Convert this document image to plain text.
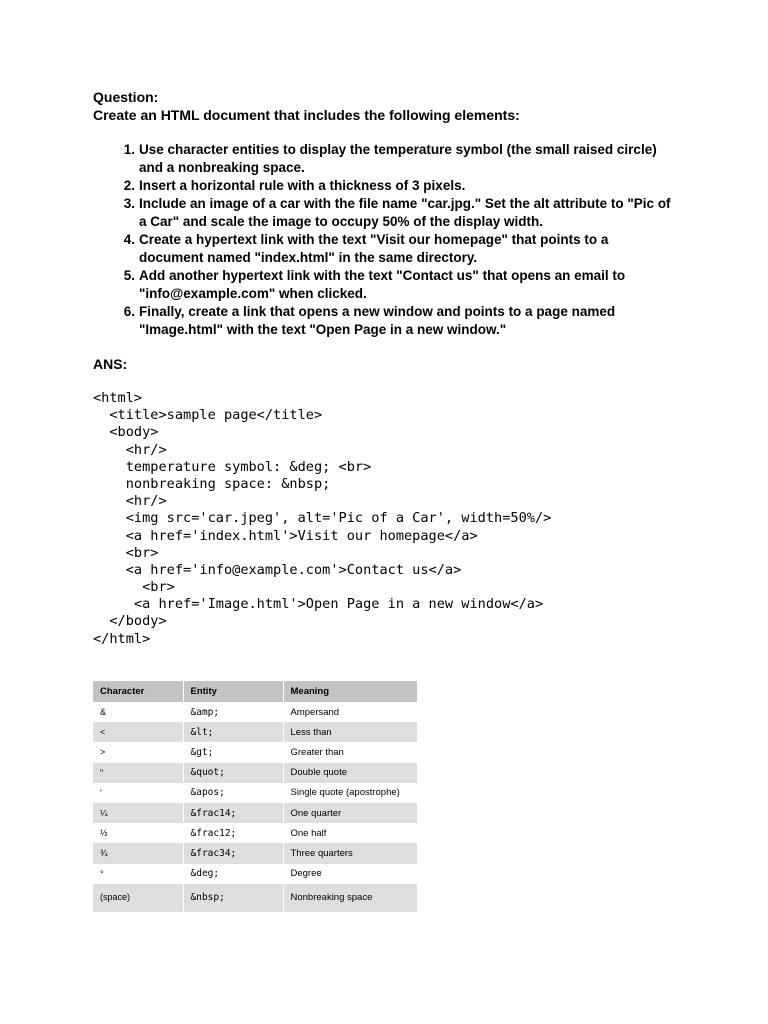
Question:
Create an HTML document that includes the following elements:
1. Use character entities to display the temperature symbol (the small raised circle) and a nonbreaking space.
2. Insert a horizontal rule with a thickness of 3 pixels.
3. Include an image of a car with the file name "car.jpg." Set the alt attribute to "Pic of a Car" and scale the image to occupy 50% of the display width.
4. Create a hypertext link with the text "Visit our homepage" that points to a document named "index.html" in the same directory.
5. Add another hypertext link with the text "Contact us" that opens an email to "info@example.com" when clicked.
6. Finally, create a link that opens a new window and points to a page named "Image.html" with the text "Open Page in a new window."
ANS:
<html>
<title>sample page</title>
<body>
<hr/>
temperature symbol: &deg; <br>
nonbreaking space: &nbsp;
<hr/>
<img src='car.jpeg', alt='Pic of a Car', width=50%/>
<a href='index.html'>Visit our homepage</a>
<br>
<a href='info@example.com'>Contact us</a>
<br>
<a href='Image.html'>Open Page in a new window</a>
</body>
</html>
Character	Entity	Meaning
&	&amp;	Ampersand
<	&lt;	Less than
>	&gt;	Greater than
"	&quot;	Double quote
'	&apos;	Single quote (apostrophe)
¼	&frac14;	One quarter
½	&frac12;	One half
¾	&frac34;	Three quarters
°	&deg;	Degree
(space)	&nbsp;	Nonbreaking space
